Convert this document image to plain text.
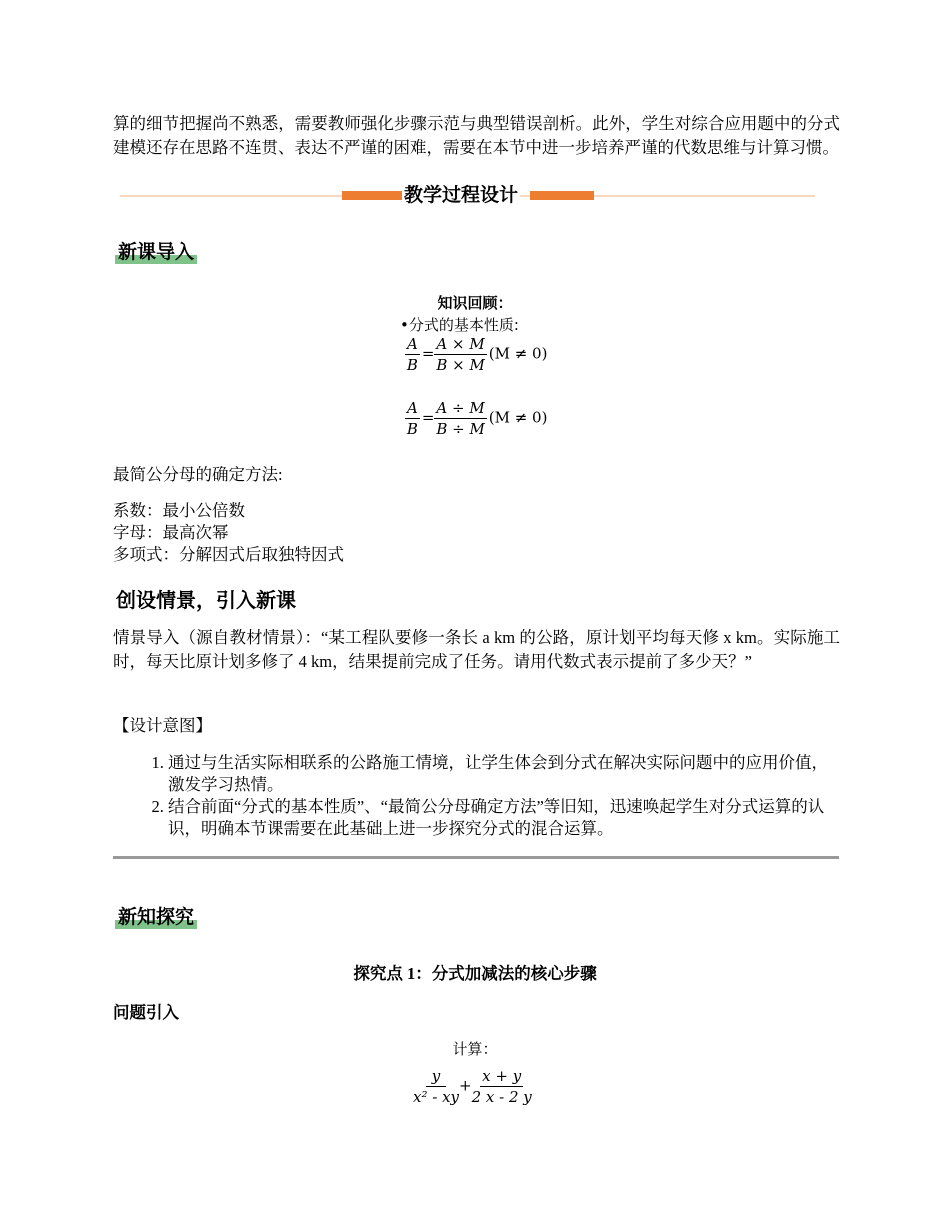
算的细节把握尚不熟悉，需要教师强化步骤示范与典型错误剖析。此外，学生对综合应用题中的分式建模还存在思路不连贯、表达不严谨的困难，需要在本节中进一步培养严谨的代数思维与计算习惯。
教学过程设计
新课导入
知识回顾：
•分式的基本性质:
$\frac{A}{B} = \frac{A \times M}{B \times M} (M \ne 0)$
$\frac{A}{B} = \frac{A \div M}{B \div M} (M \ne 0)$
最简公分母的确定方法:
系数：最小公倍数
字母：最高次幂
多项式：分解因式后取独特因式
创设情景，引入新课
情景导入（源自教材情景）：“某工程队要修一条长 a km 的公路，原计划平均每天修 x km。实际施工时，每天比原计划多修了 4 km，结果提前完成了任务。请用代数式表示提前了多少天？”
【设计意图】
1. 通过与生活实际相联系的公路施工情境，让学生体会到分式在解决实际问题中的应用价值，激发学习热情。
2. 结合前面“分式的基本性质”、“最简公分母确定方法”等旧知，迅速唤起学生对分式运算的认识，明确本节课需要在此基础上进一步探究分式的混合运算。
新知探究
探究点 1：分式加减法的核心步骤
问题引入
计算：
$\frac{y}{\text{x² - xy}} + \frac{x + y}{2 x - 2 y}$
